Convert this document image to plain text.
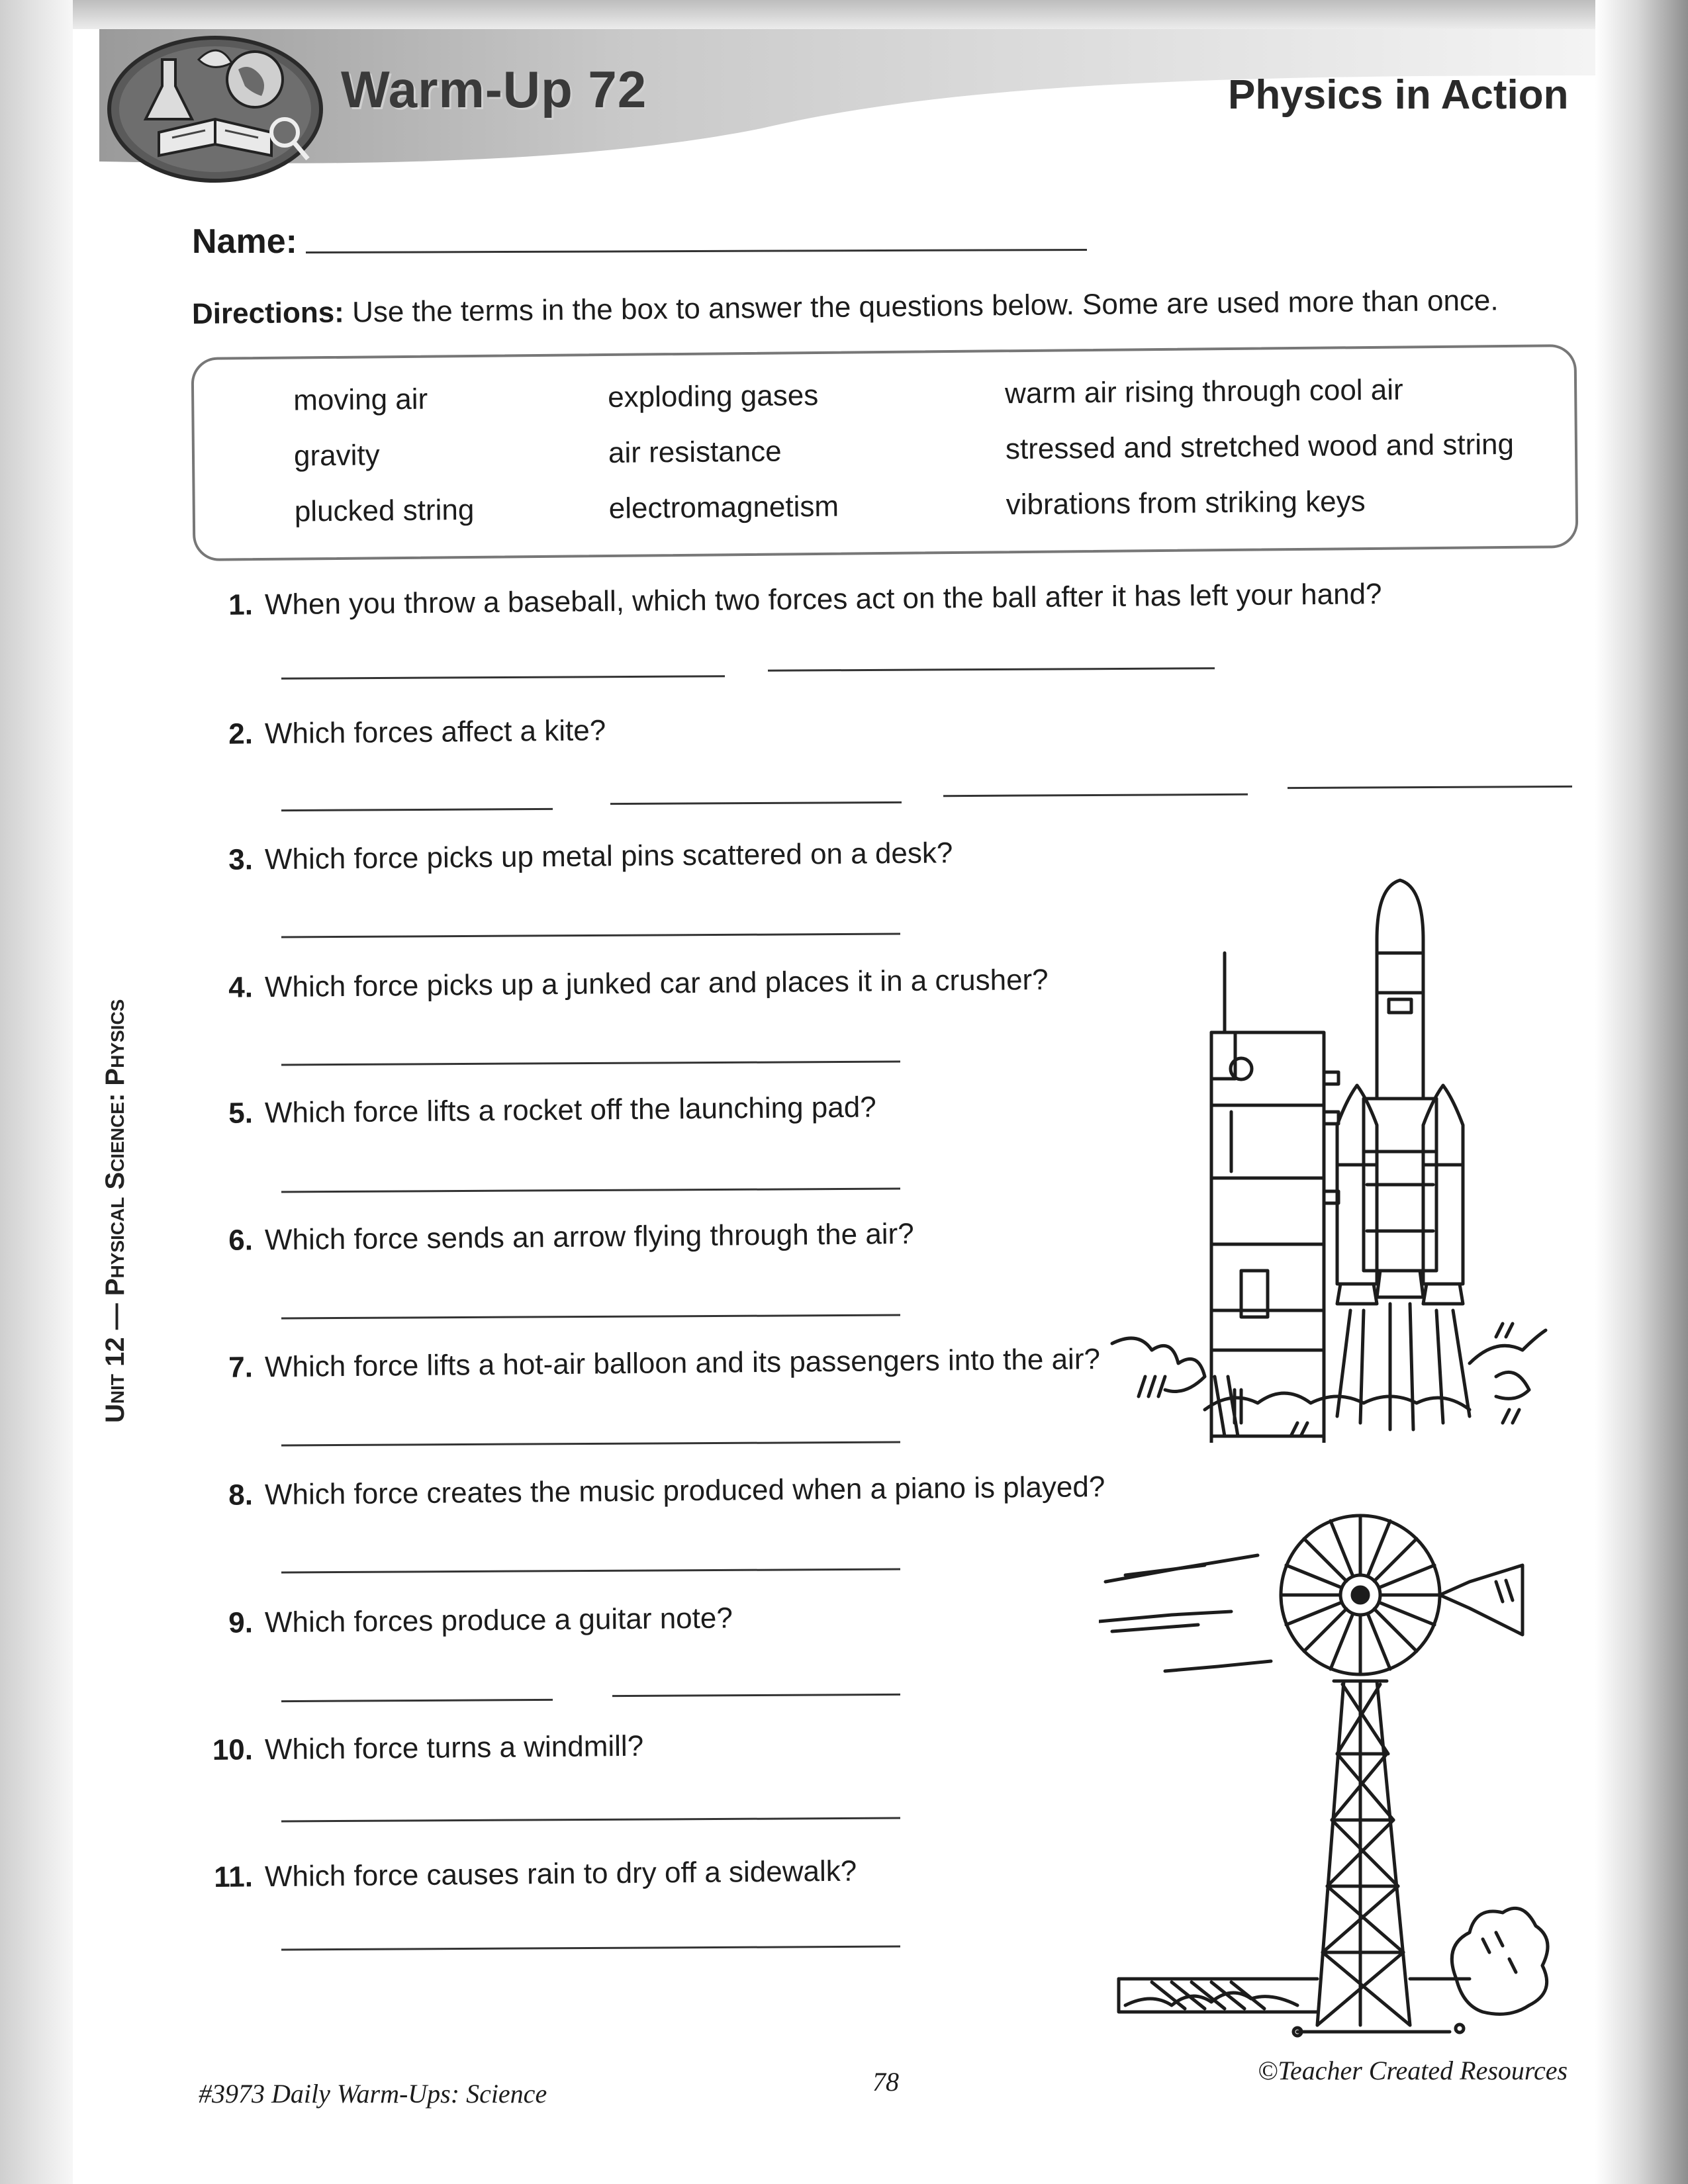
Warm-Up 72	Physics in Action
Name:
Directions: Use the terms in the box to answer the questions below. Some are used more than once.
moving air
gravity
plucked string
exploding gases
air resistance
electromagnetism
warm air rising through cool air
stressed and stretched wood and string
vibrations from striking keys
1. When you throw a baseball, which two forces act on the ball after it has left your hand?
2. Which forces affect a kite?
3. Which force picks up metal pins scattered on a desk?
4. Which force picks up a junked car and places it in a crusher?
5. Which force lifts a rocket off the launching pad?
6. Which force sends an arrow flying through the air?
7. Which force lifts a hot-air balloon and its passengers into the air?
8. Which force creates the music produced when a piano is played?
9. Which forces produce a guitar note?
10. Which force turns a windmill?
11. Which force causes rain to dry off a sidewalk?
Unit 12 — Physical Science: Physics
#3973 Daily Warm-Ups: Science	78	©Teacher Created Resources
